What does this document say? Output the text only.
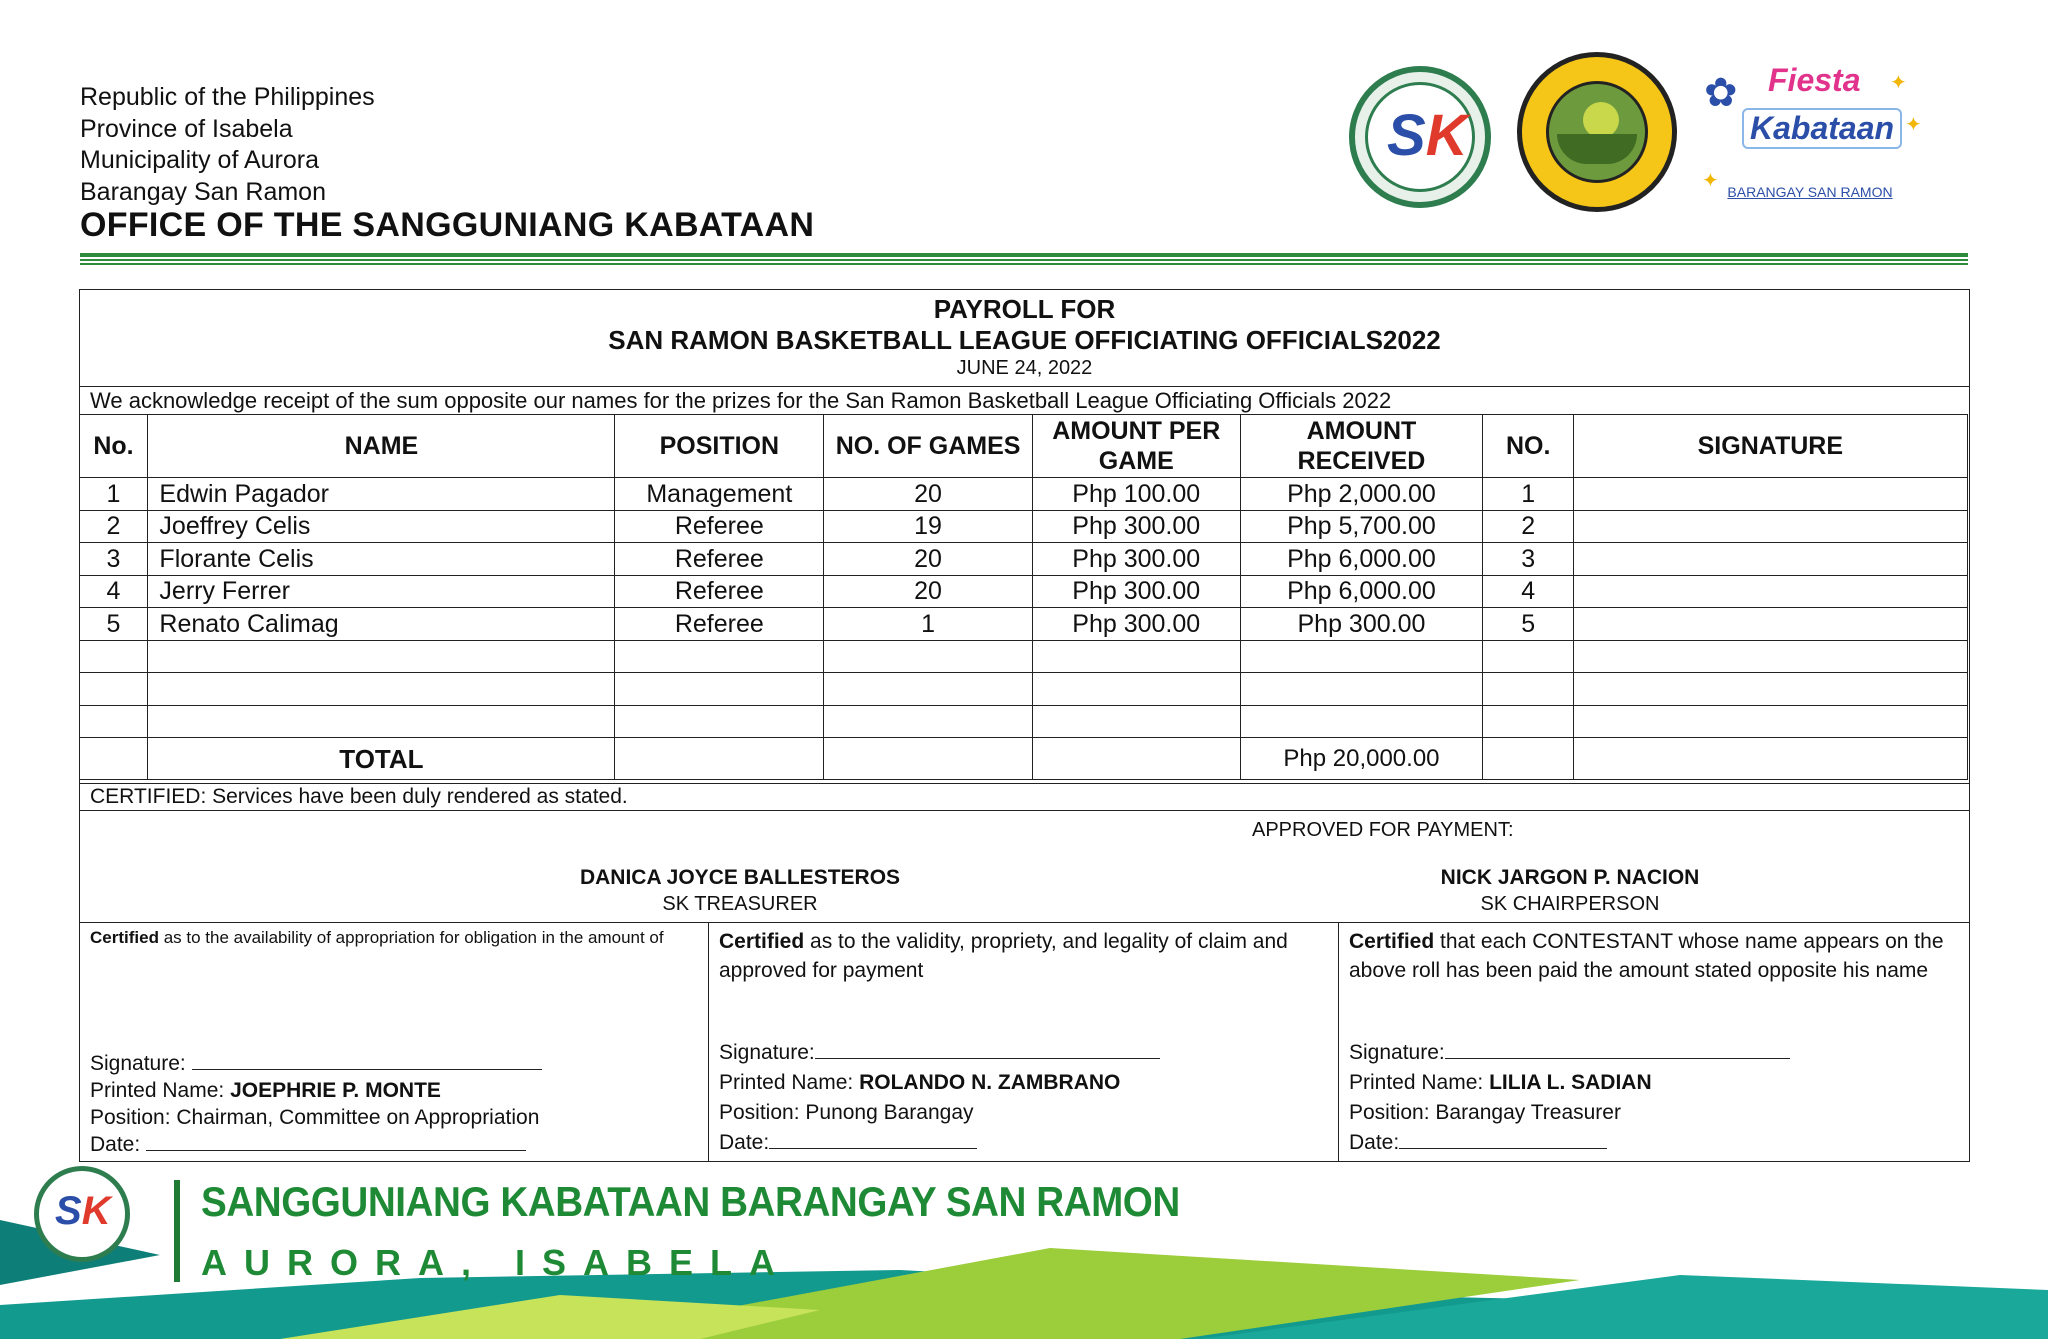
Republic of the Philippines
Province of Isabela
Municipality of Aurora
Barangay San Ramon
OFFICE OF THE SANGGUNIANG KABATAAN
SK
✿ Fiesta
Kabataan
✦
✦
✦ BARANGAY SAN RAMON
PAYROLL FOR
SAN RAMON BASKETBALL LEAGUE OFFICIATING OFFICIALS2022
JUNE 24, 2022
We acknowledge receipt of the sum opposite our names for the prizes for the San Ramon Basketball League Officiating Officials 2022
No.	NAME	POSITION	NO. OF GAMES	AMOUNT PER GAME	AMOUNT RECEIVED	NO.	SIGNATURE
1	Edwin Pagador	Management	20	Php 100.00	Php 2,000.00	1	
2	Joeffrey Celis	Referee	19	Php 300.00	Php 5,700.00	2	
3	Florante Celis	Referee	20	Php 300.00	Php 6,000.00	3	
4	Jerry Ferrer	Referee	20	Php 300.00	Php 6,000.00	4	
5	Renato Calimag	Referee	1	Php 300.00	Php 300.00	5	

	TOTAL				Php 20,000.00		
CERTIFIED: Services have been duly rendered as stated.
APPROVED FOR PAYMENT:
DANICA JOYCE BALLESTEROS
SK TREASURER
NICK JARGON P. NACION
SK CHAIRPERSON
Certified as to the availability of appropriation for obligation in the amount of
Signature:
Printed Name: JOEPHRIE P. MONTE
Position: Chairman, Committee on Appropriation
Date:
Certified as to the validity, propriety, and legality of claim and approved for payment
Signature:
Printed Name: ROLANDO N. ZAMBRANO
Position: Punong Barangay
Date:
Certified that each CONTESTANT whose name appears on the above roll has been paid the amount stated opposite his name
Signature:
Printed Name: LILIA L. SADIAN
Position: Barangay Treasurer
Date:
SK SANGGUNIANG KABATAAN BARANGAY SAN RAMON
AURORA, ISABELA
